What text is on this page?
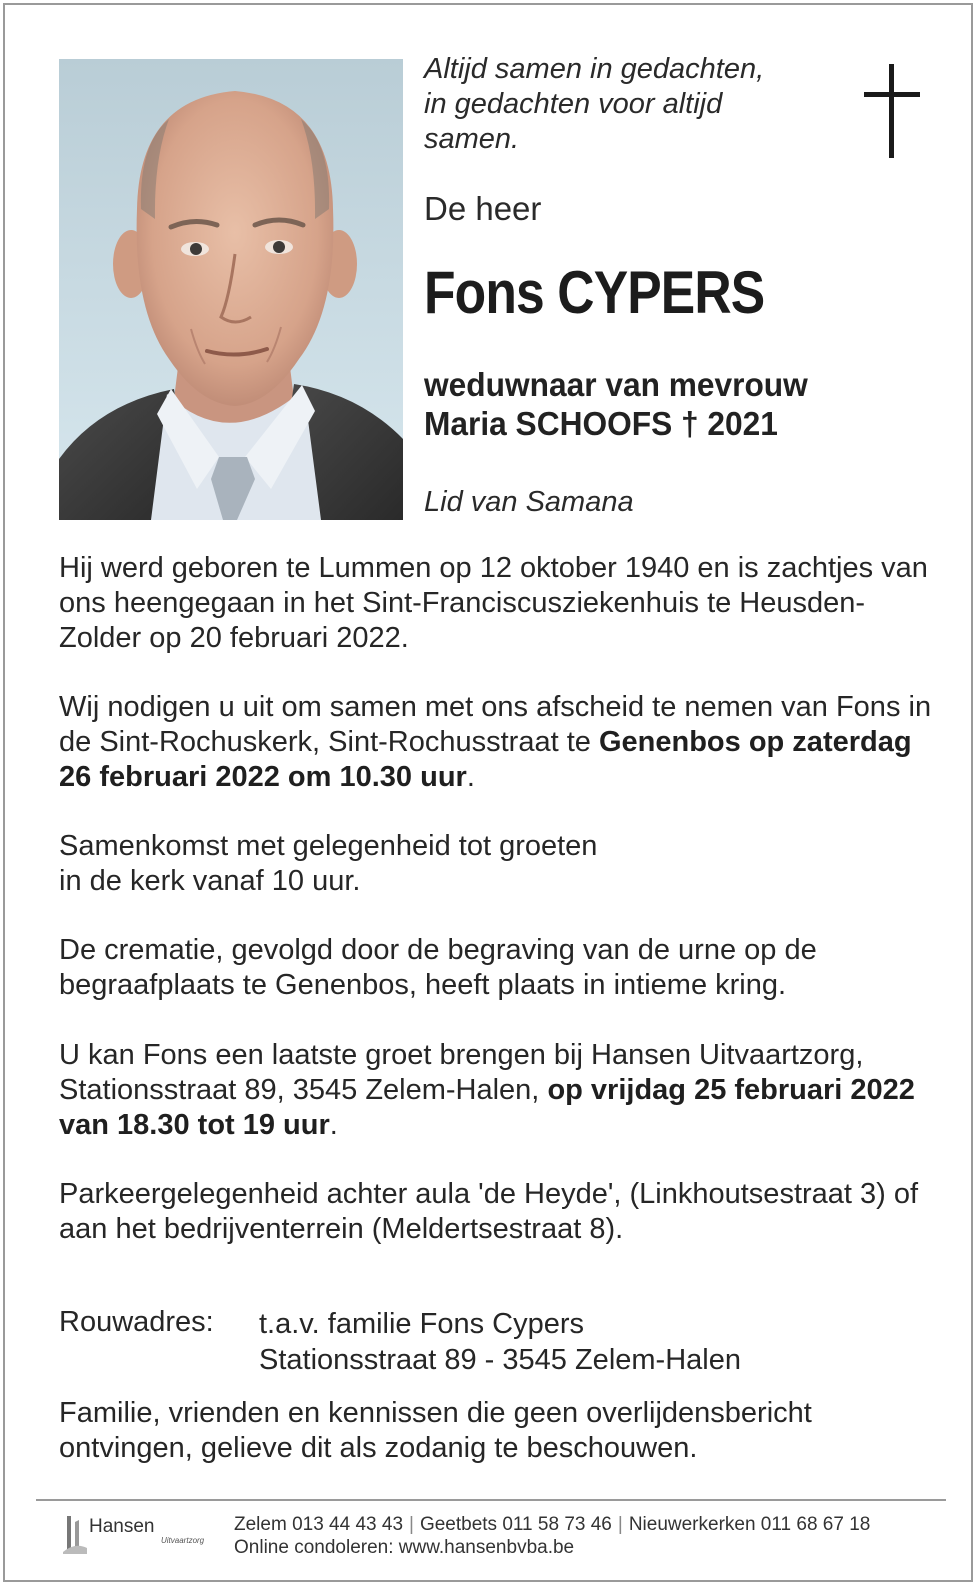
Altijd samen in gedachten,
in gedachten voor altijd
samen.
De heer
Fons CYPERS
weduwnaar van mevrouw
Maria SCHOOFS † 2021
Lid van Samana
Hij werd geboren te Lummen op 12 oktober 1940 en is zachtjes van ons heengegaan in het Sint-Franciscusziekenhuis te Heusden-Zolder op 20 februari 2022.
Wij nodigen u uit om samen met ons afscheid te nemen van Fons in de Sint-Rochuskerk, Sint-Rochusstraat te Genenbos op zaterdag 26 februari 2022 om 10.30 uur.
Samenkomst met gelegenheid tot groeten
in de kerk vanaf 10 uur.
De crematie, gevolgd door de begraving van de urne op de begraafplaats te Genenbos, heeft plaats in intieme kring.
U kan Fons een laatste groet brengen bij Hansen Uitvaartzorg, Stationsstraat 89, 3545 Zelem-Halen, op vrijdag 25 februari 2022 van 18.30 tot 19 uur.
Parkeergelegenheid achter aula 'de Heyde', (Linkhoutsestraat 3) of aan het bedrijventerrein (Meldertsestraat 8).
Rouwadres: t.a.v. familie Fons Cypers
Stationsstraat 89 - 3545 Zelem-Halen
Familie, vrienden en kennissen die geen overlijdensbericht ontvingen, gelieve dit als zodanig te beschouwen.
Hansen
Uitvaartzorg
Zelem 013 44 43 43 | Geetbets 011 58 73 46 | Nieuwerkerken 011 68 67 18
Online condoleren: www.hansenbvba.be
